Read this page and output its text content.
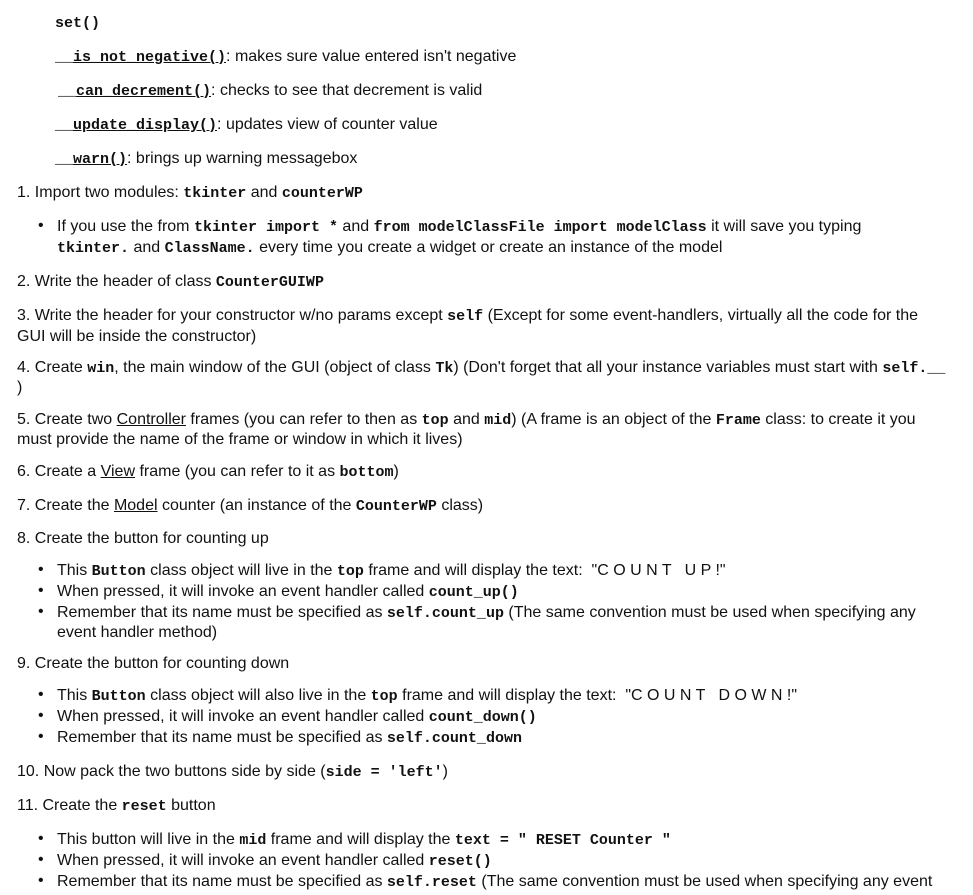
set()
__is_not_negative(): makes sure value entered isn't negative
__can_decrement(): checks to see that decrement is valid
__update_display(): updates view of counter value
__warn(): brings up warning messagebox
1. Import two modules: tkinter and counterWP
• If you use the from tkinter import * and from modelClassFile import modelClass it will save you typing
tkinter. and ClassName. every time you create a widget or create an instance of the model
2. Write the header of class CounterGUIWP
3. Write the header for your constructor w/no params except self (Except for some event-handlers, virtually all the code for the
GUI will be inside the constructor)
4. Create win, the main window of the GUI (object of class Tk) (Don't forget that all your instance variables must start with self.__
)
5. Create two Controller frames (you can refer to then as top and mid) (A frame is an object of the Frame class: to create it you
must provide the name of the frame or window in which it lives)
6. Create a View frame (you can refer to it as bottom)
7. Create the Model counter (an instance of the CounterWP class)
8. Create the button for counting up
• This Button class object will live in the top frame and will display the text:  "C O U N T   U P !"
• When pressed, it will invoke an event handler called count_up()
• Remember that its name must be specified as self.count_up (The same convention must be used when specifying any
event handler method)
9. Create the button for counting down
• This Button class object will also live in the top frame and will display the text:  "C O U N T   D O W N !"
• When pressed, it will invoke an event handler called count_down()
• Remember that its name must be specified as self.count_down
10. Now pack the two buttons side by side (side = 'left')
11. Create the reset button
• This button will live in the mid frame and will display the text = " RESET Counter "
• When pressed, it will invoke an event handler called reset()
• Remember that its name must be specified as self.reset (The same convention must be used when specifying any event
